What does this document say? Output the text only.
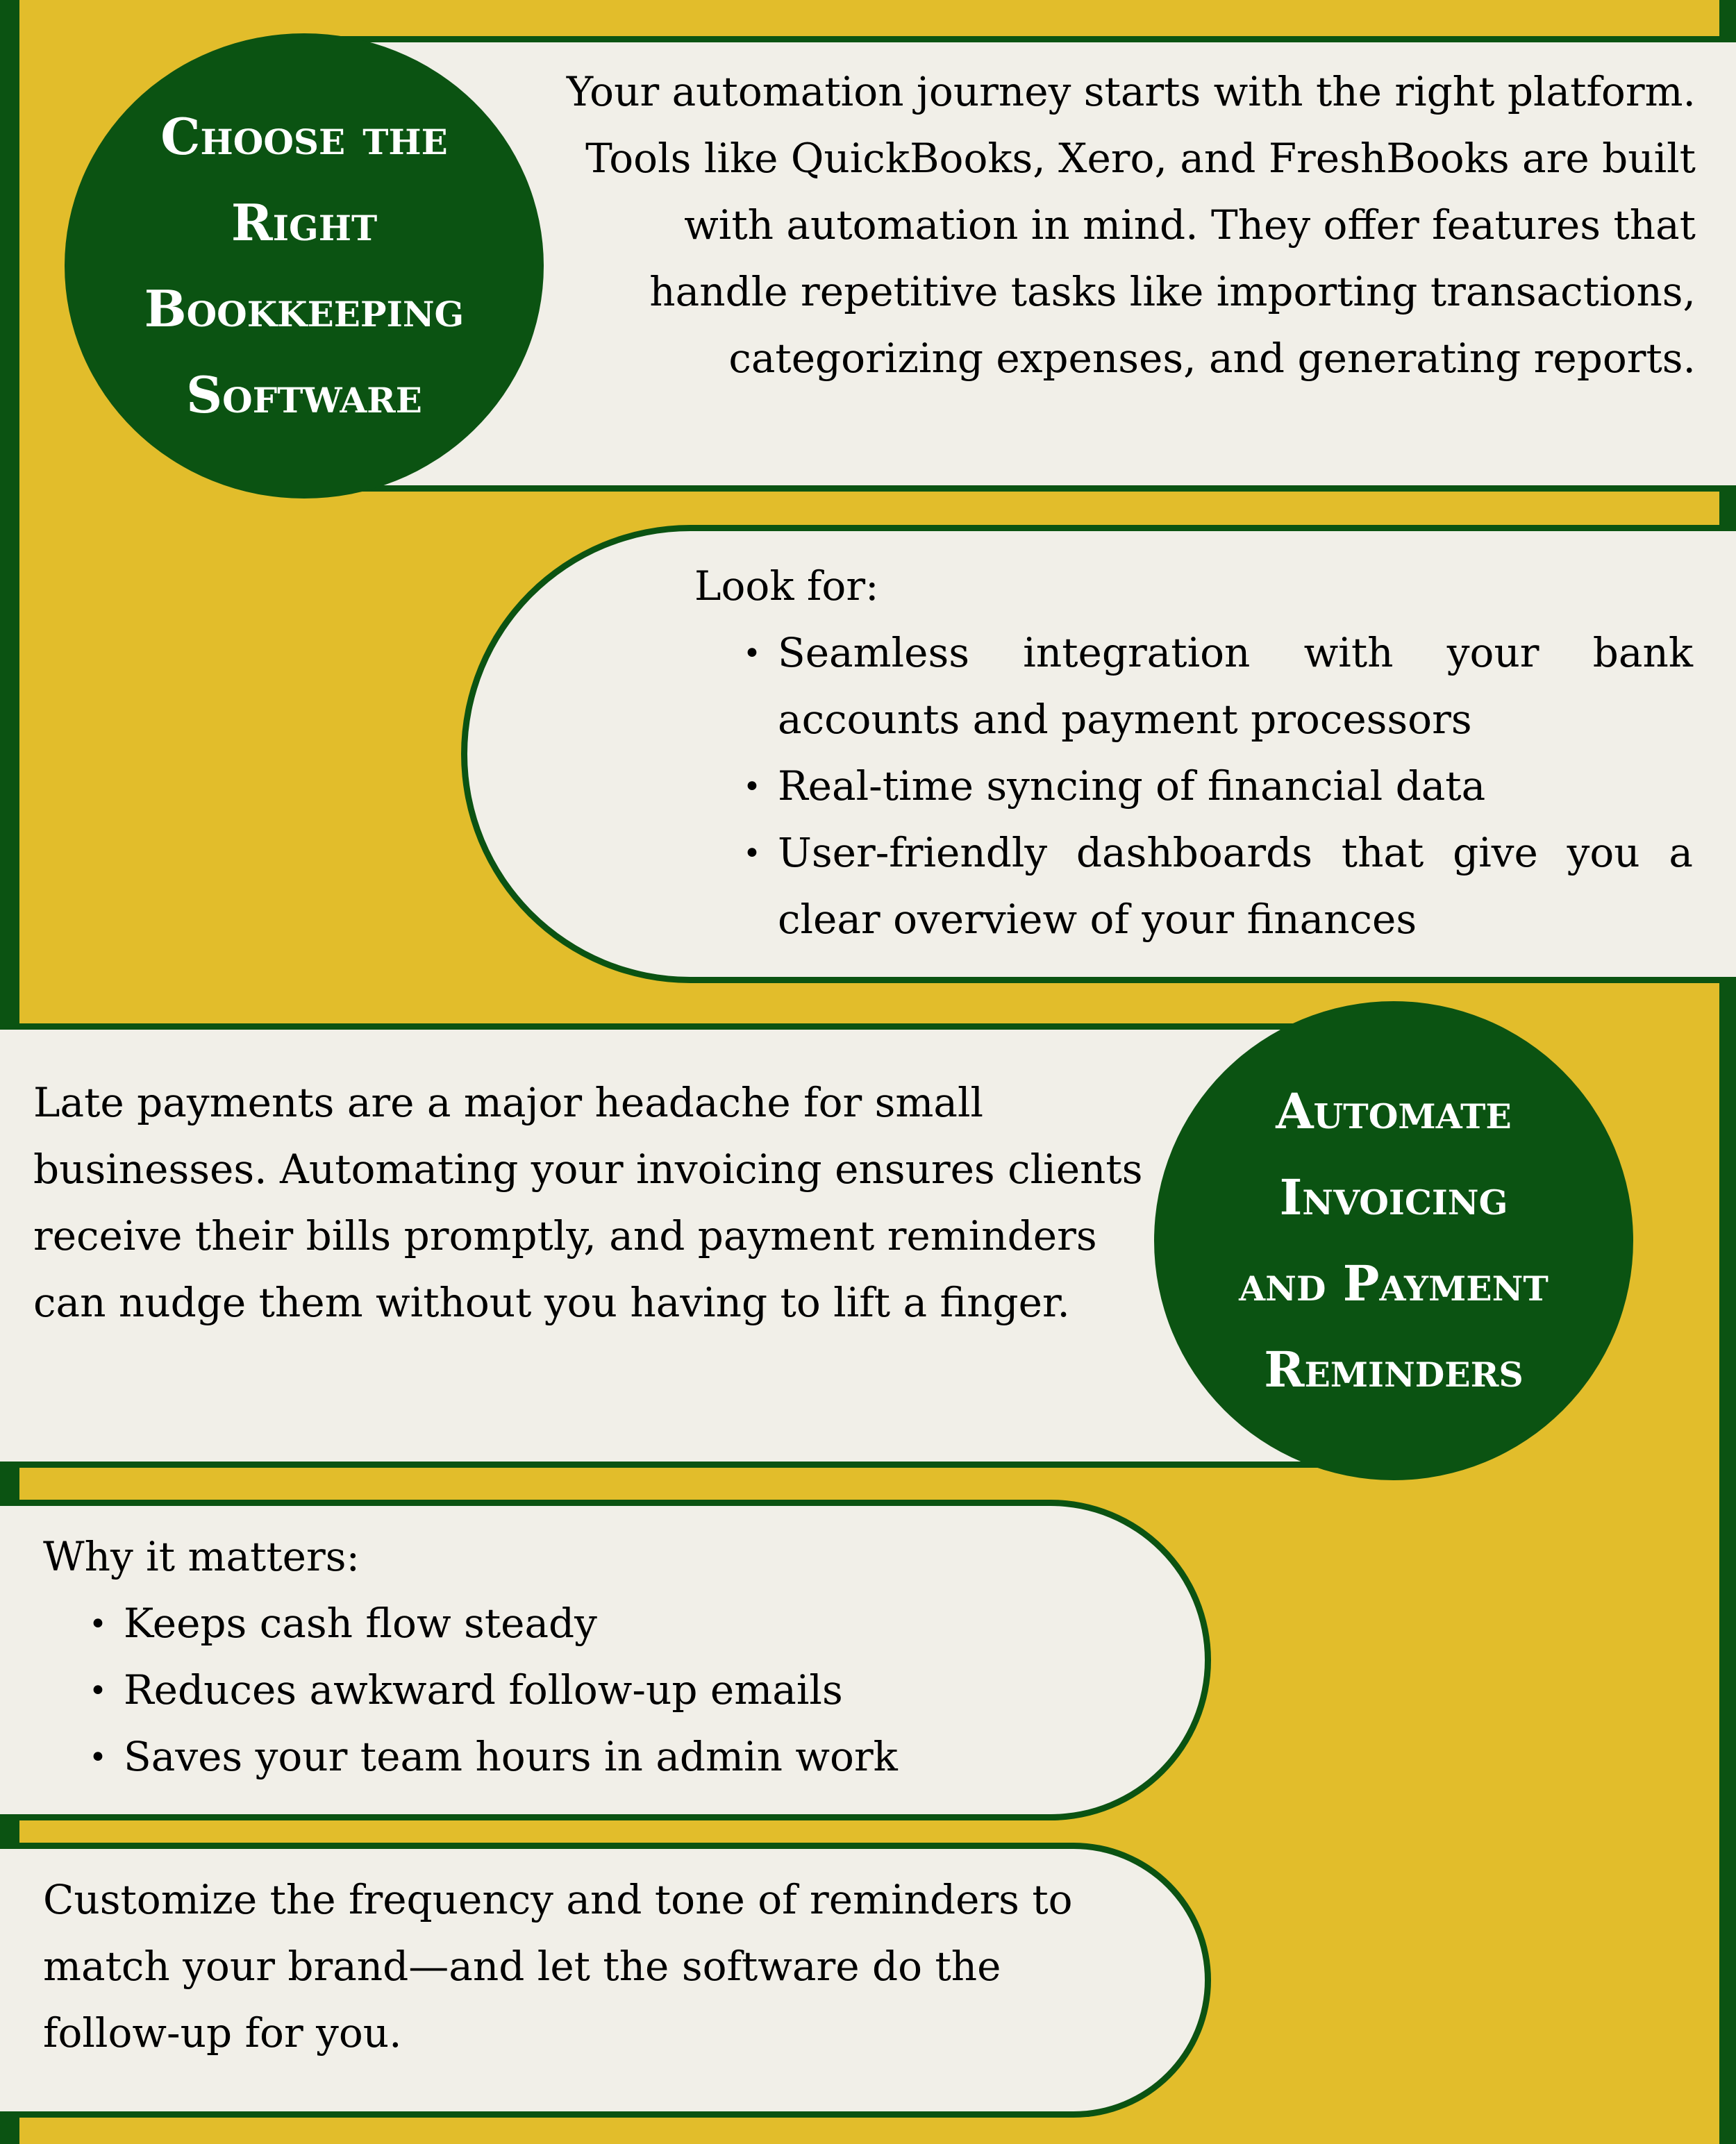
Choose the
Right
Bookkeeping
Software

Your automation journey starts with the right platform. Tools like QuickBooks, Xero, and FreshBooks are built with automation in mind. They offer features that handle repetitive tasks like importing transactions, categorizing expenses, and generating reports.

Look for:
• Seamless integration with your bank accounts and payment processors
• Real-time syncing of financial data
• User-friendly dashboards that give you a clear overview of your finances

Late payments are a major headache for small businesses. Automating your invoicing ensures clients receive their bills promptly, and payment reminders can nudge them without you having to lift a finger.

Automate
Invoicing
and Payment
Reminders
Why it matters:
• Keeps cash flow steady
• Reduces awkward follow-up emails
• Saves your team hours in admin work

Customize the frequency and tone of reminders to match your brand—and let the software do the follow-up for you.
